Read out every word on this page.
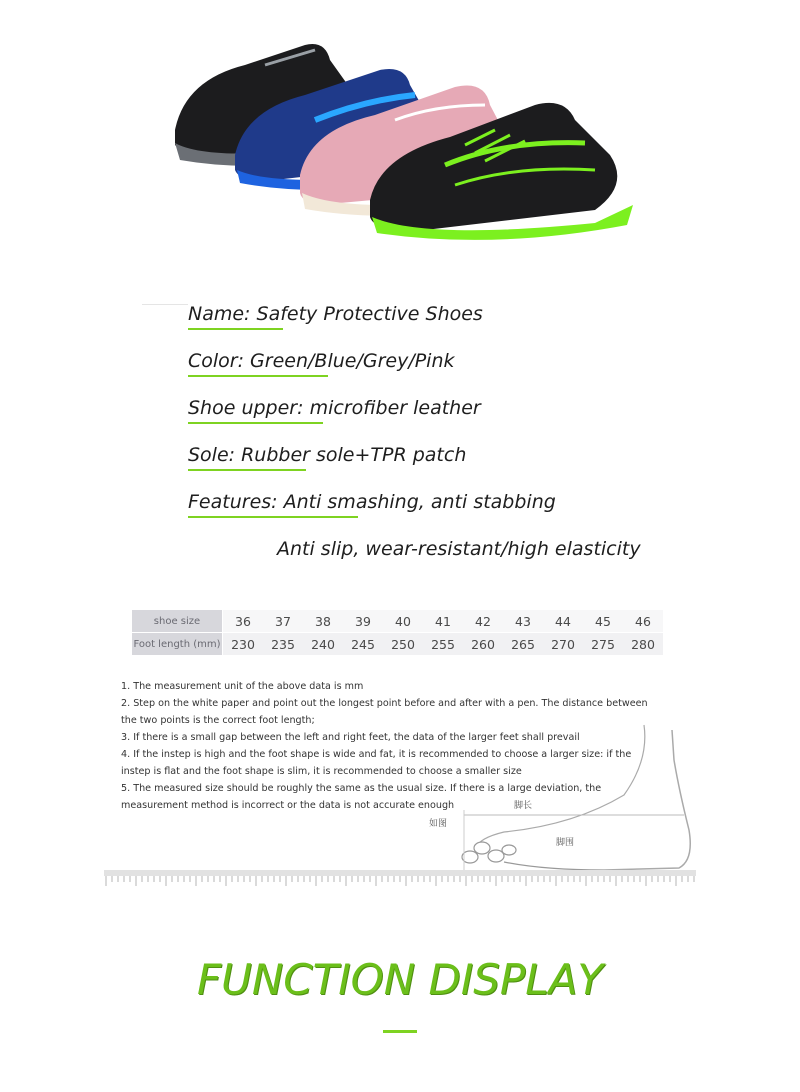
Name: Safety Protective Shoes
Color: Green/Blue/Grey/Pink
Shoe upper: microfiber leather
Sole: Rubber sole+TPR patch
Features: Anti smashing, anti stabbing
Anti slip, wear-resistant/high elasticity
shoe size	36	37	38	39	40	41	42	43	44	45	46
Foot length (mm)	230	235	240	245	250	255	260	265	270	275	280
脚长
脚围
如图

1. The measurement unit of the above data is mm

2. Step on the white paper and point out the longest point before and after with a pen. The distance between the two points is the correct foot length;

3. If there is a small gap between the left and right feet, the data of the larger feet shall prevail

4. If the instep is high and the foot shape is wide and fat, it is recommended to choose a larger size: if the instep is flat and the foot shape is slim, it is recommended to choose a smaller size

5. The measured size should be roughly the same as the usual size. If there is a large deviation, the measurement method is incorrect or the data is not accurate enough

FUNCTION DISPLAY
